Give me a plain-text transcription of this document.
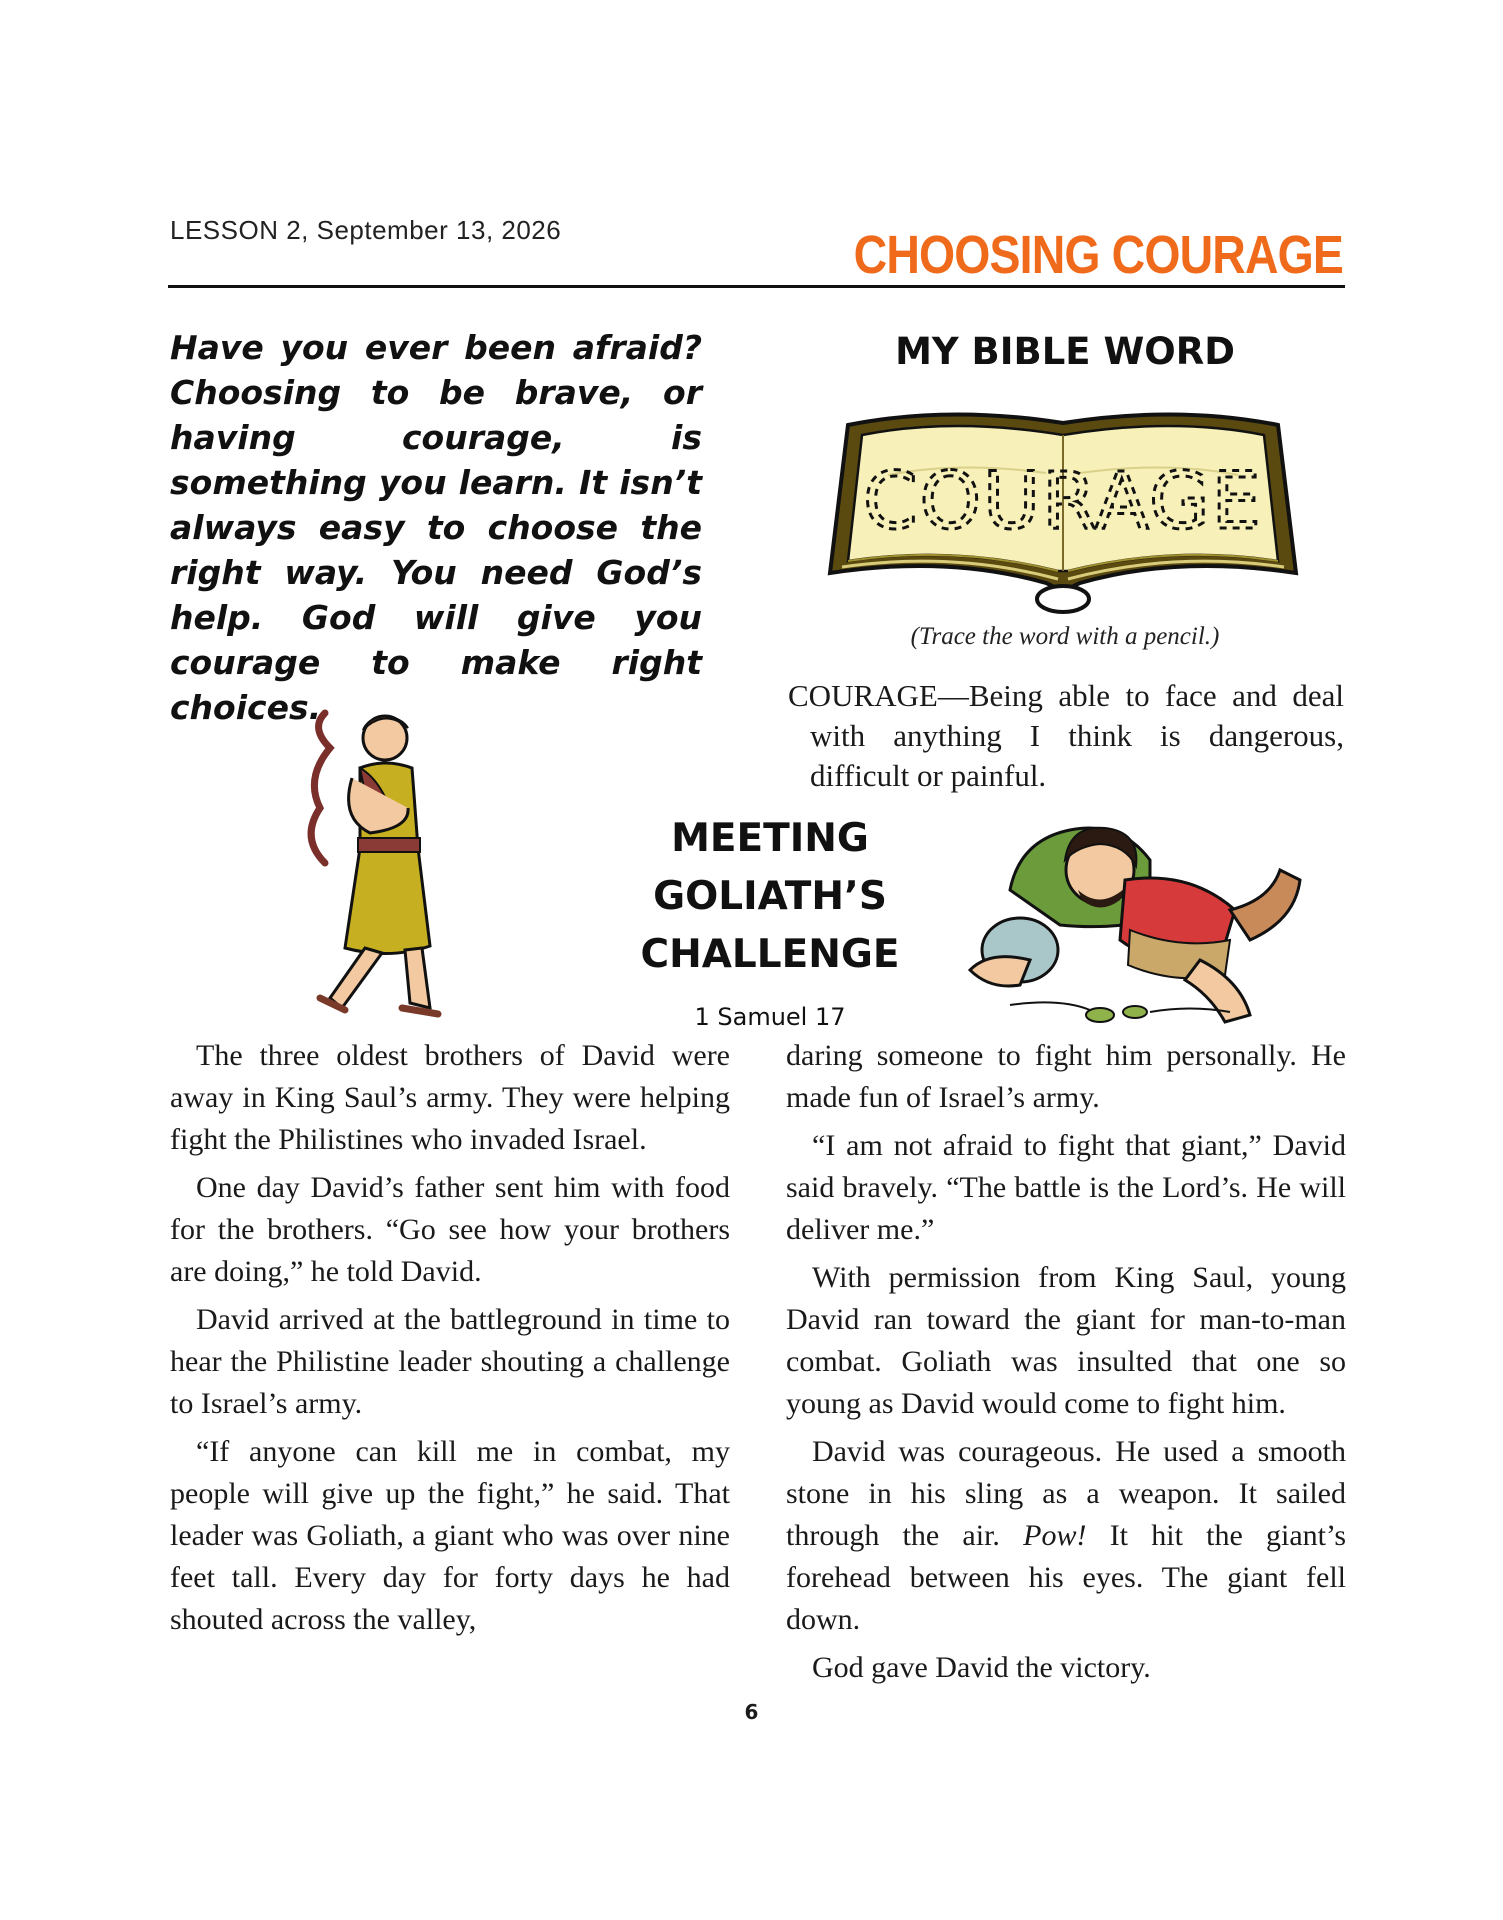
LESSON 2, September 13, 2026	CHOOSING COURAGE

Have you ever been afraid? Choosing to be brave, or having courage, is something you learn. It isn’t always easy to choose the right way. You need God’s help. God will give you courage to make right choices.

MY BIBLE WORD
COURAGE
(Trace the word with a pencil.)
COURAGE—Being able to face and deal with anything I think is dangerous, difficult or painful.
MEETING
GOLIATH’S
CHALLENGE
1 Samuel 17

The three oldest brothers of David were away in King Saul’s army. They were helping fight the Philistines who invaded Israel.

One day David’s father sent him with food for the brothers. “Go see how your brothers are doing,” he told David.

David arrived at the battleground in time to hear the Philistine leader shouting a challenge to Israel’s army.

“If anyone can kill me in combat, my people will give up the fight,” he said. That leader was Goliath, a giant who was over nine feet tall. Every day for forty days he had shouted across the valley,

daring someone to fight him personally. He made fun of Israel’s army.

“I am not afraid to fight that giant,” David said bravely. “The battle is the Lord’s. He will deliver me.”

With permission from King Saul, young David ran toward the giant for man-to-man combat. Goliath was insulted that one so young as David would come to fight him.

David was courageous. He used a smooth stone in his sling as a weapon. It sailed through the air. Pow! It hit the giant’s forehead between his eyes. The giant fell down.

God gave David the victory.

6
